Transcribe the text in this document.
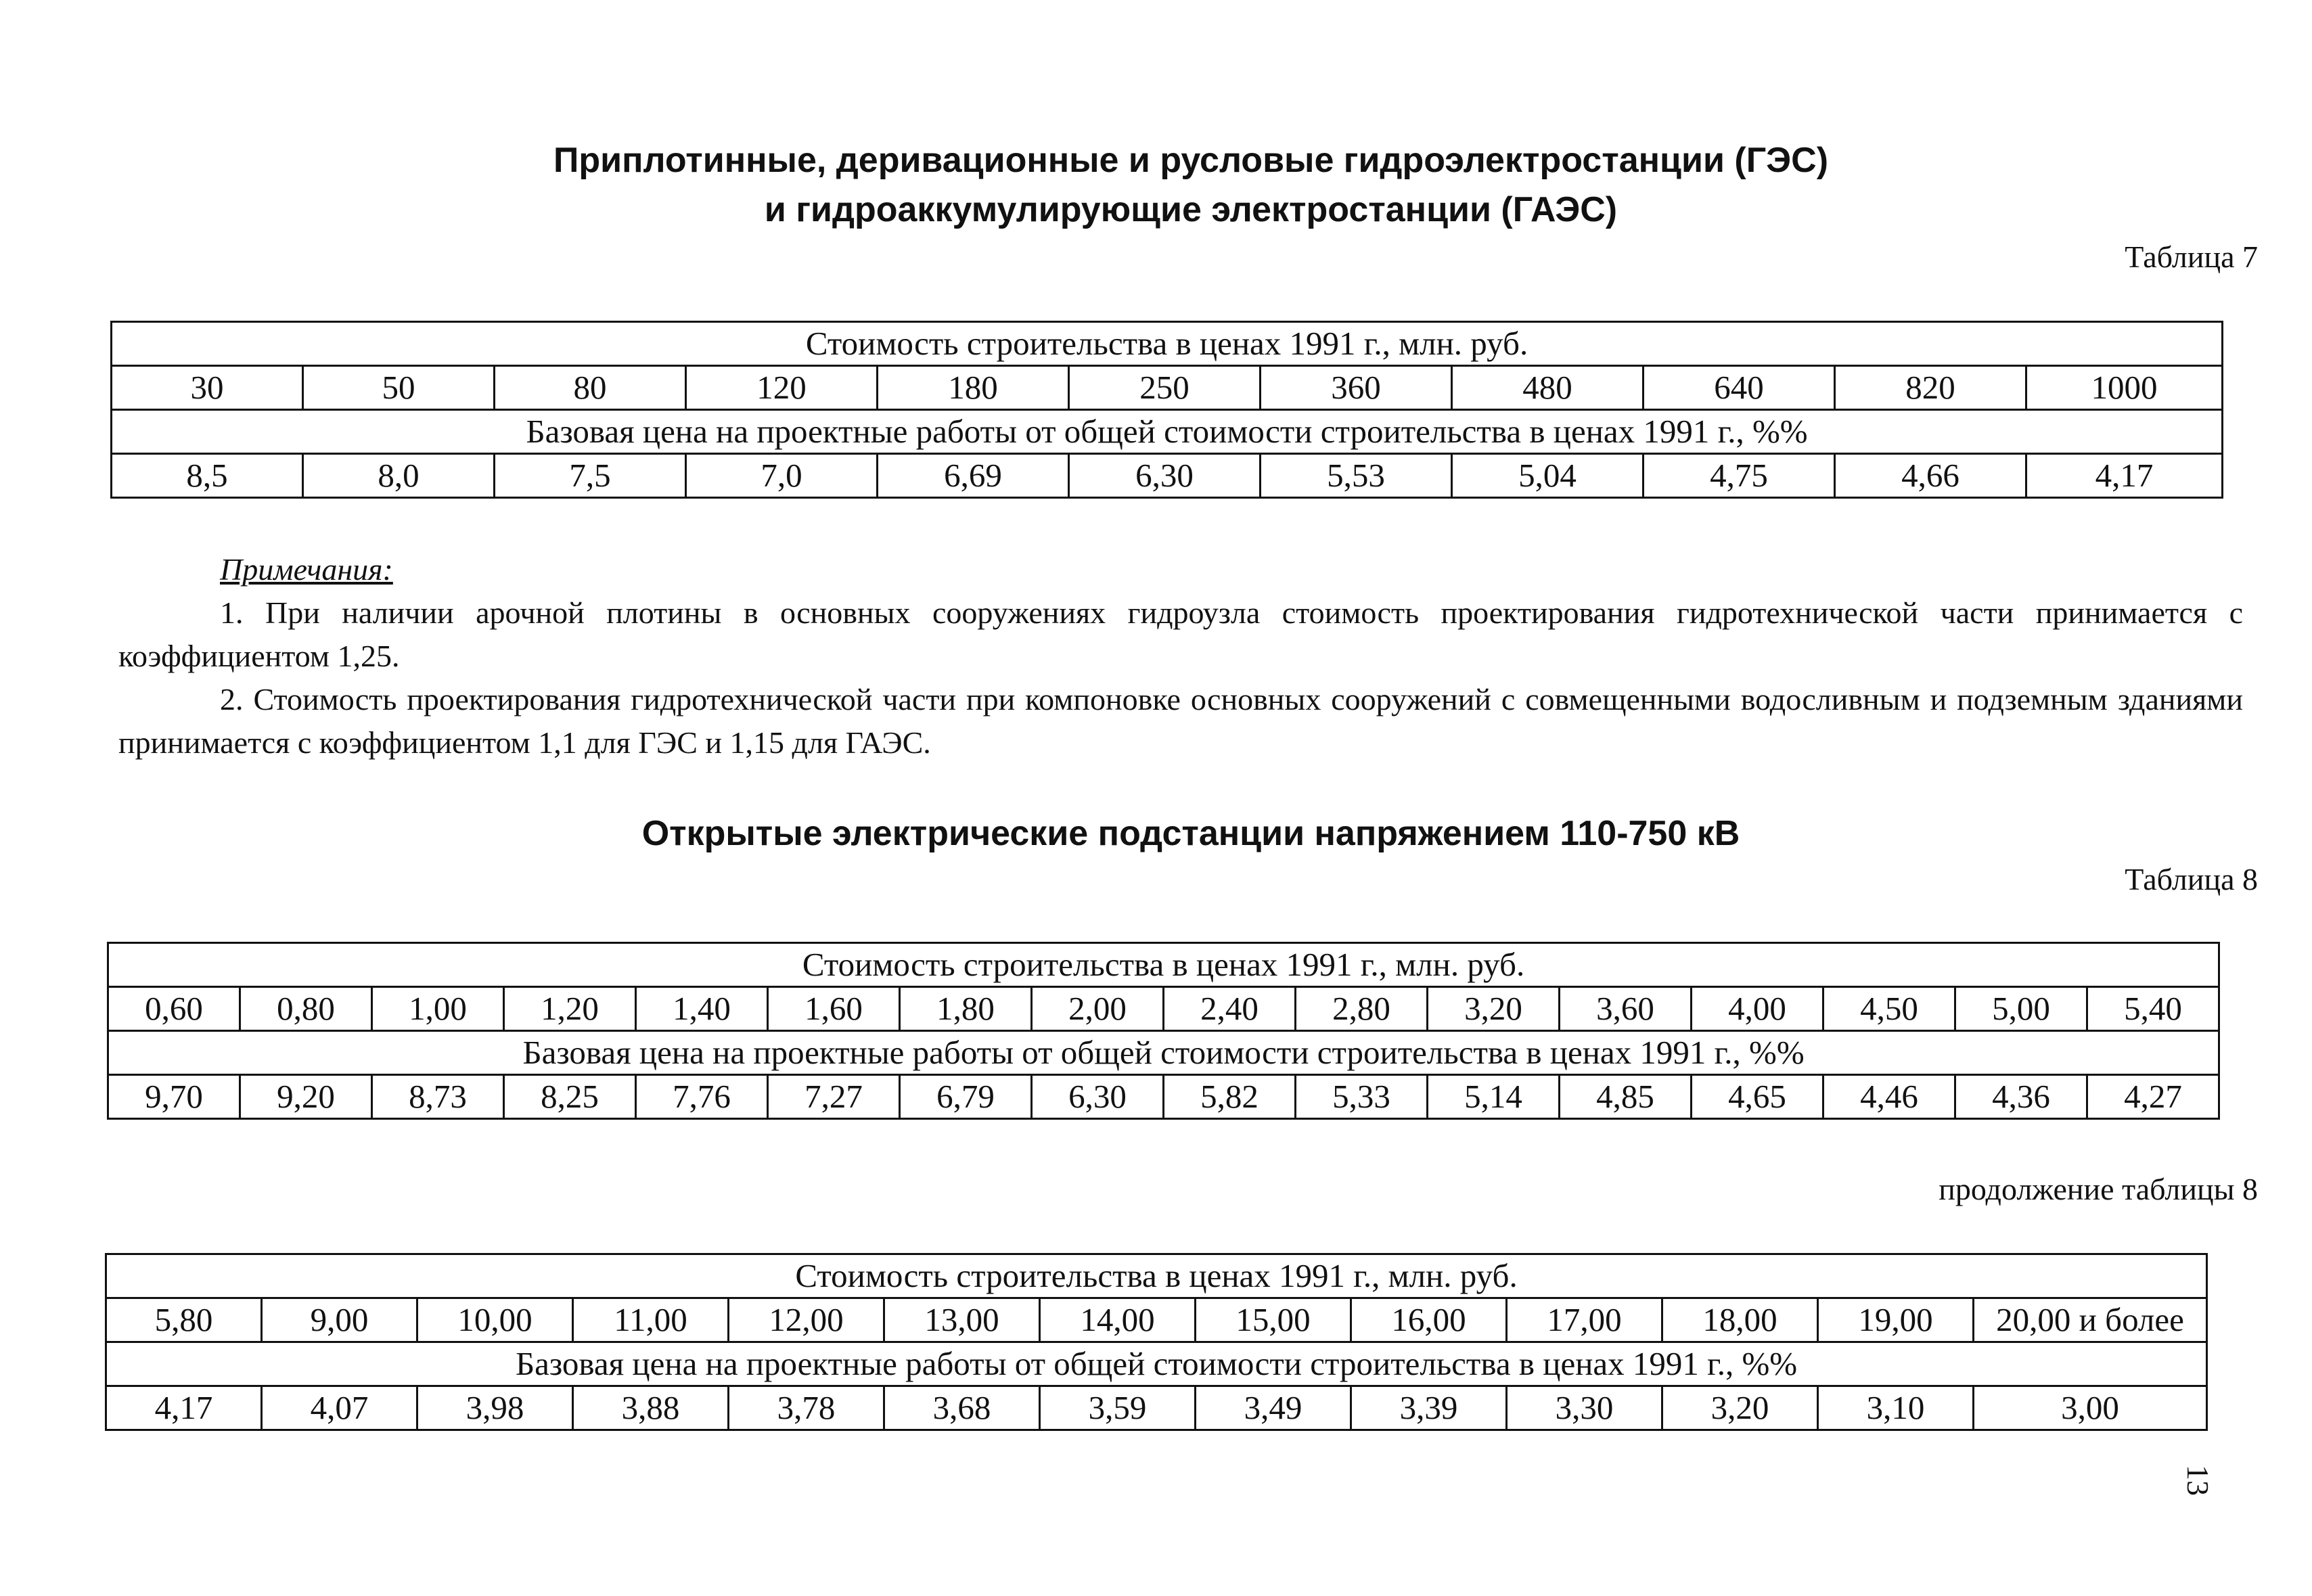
Приплотинные, деривационные и русловые гидроэлектростанции (ГЭС)
и гидроаккумулирующие электростанции (ГАЭС)
Таблица 7
Стоимость строительства в ценах 1991 г., млн. руб.										
30	50	80	120	180	250	360	480	640	820	1000
Базовая цена на проектные работы от общей стоимости строительства в ценах 1991 г., %%										
8,5	8,0	7,5	7,0	6,69	6,30	5,53	5,04	4,75	4,66	4,17
Примечания:

1. При наличии арочной плотины в основных сооружениях гидроузла стоимость проектирования гидротехнической части принимается с коэффициентом 1,25.

2. Стоимость проектирования гидротехнической части при компоновке основных сооружений с совмещенными водосливным и подземным зданиями принимается с коэффициентом 1,1 для ГЭС и 1,15 для ГАЭС.

Открытые электрические подстанции напряжением 110-750 кВ
Таблица 8
Стоимость строительства в ценах 1991 г., млн. руб.															
0,60	0,80	1,00	1,20	1,40	1,60	1,80	2,00	2,40	2,80	3,20	3,60	4,00	4,50	5,00	5,40
Базовая цена на проектные работы от общей стоимости строительства в ценах 1991 г., %%															
9,70	9,20	8,73	8,25	7,76	7,27	6,79	6,30	5,82	5,33	5,14	4,85	4,65	4,46	4,36	4,27
продолжение таблицы 8
Стоимость строительства в ценах 1991 г., млн. руб.												
5,80	9,00	10,00	11,00	12,00	13,00	14,00	15,00	16,00	17,00	18,00	19,00	20,00 и более
Базовая цена на проектные работы от общей стоимости строительства в ценах 1991 г., %%												
4,17	4,07	3,98	3,88	3,78	3,68	3,59	3,49	3,39	3,30	3,20	3,10	3,00
13
